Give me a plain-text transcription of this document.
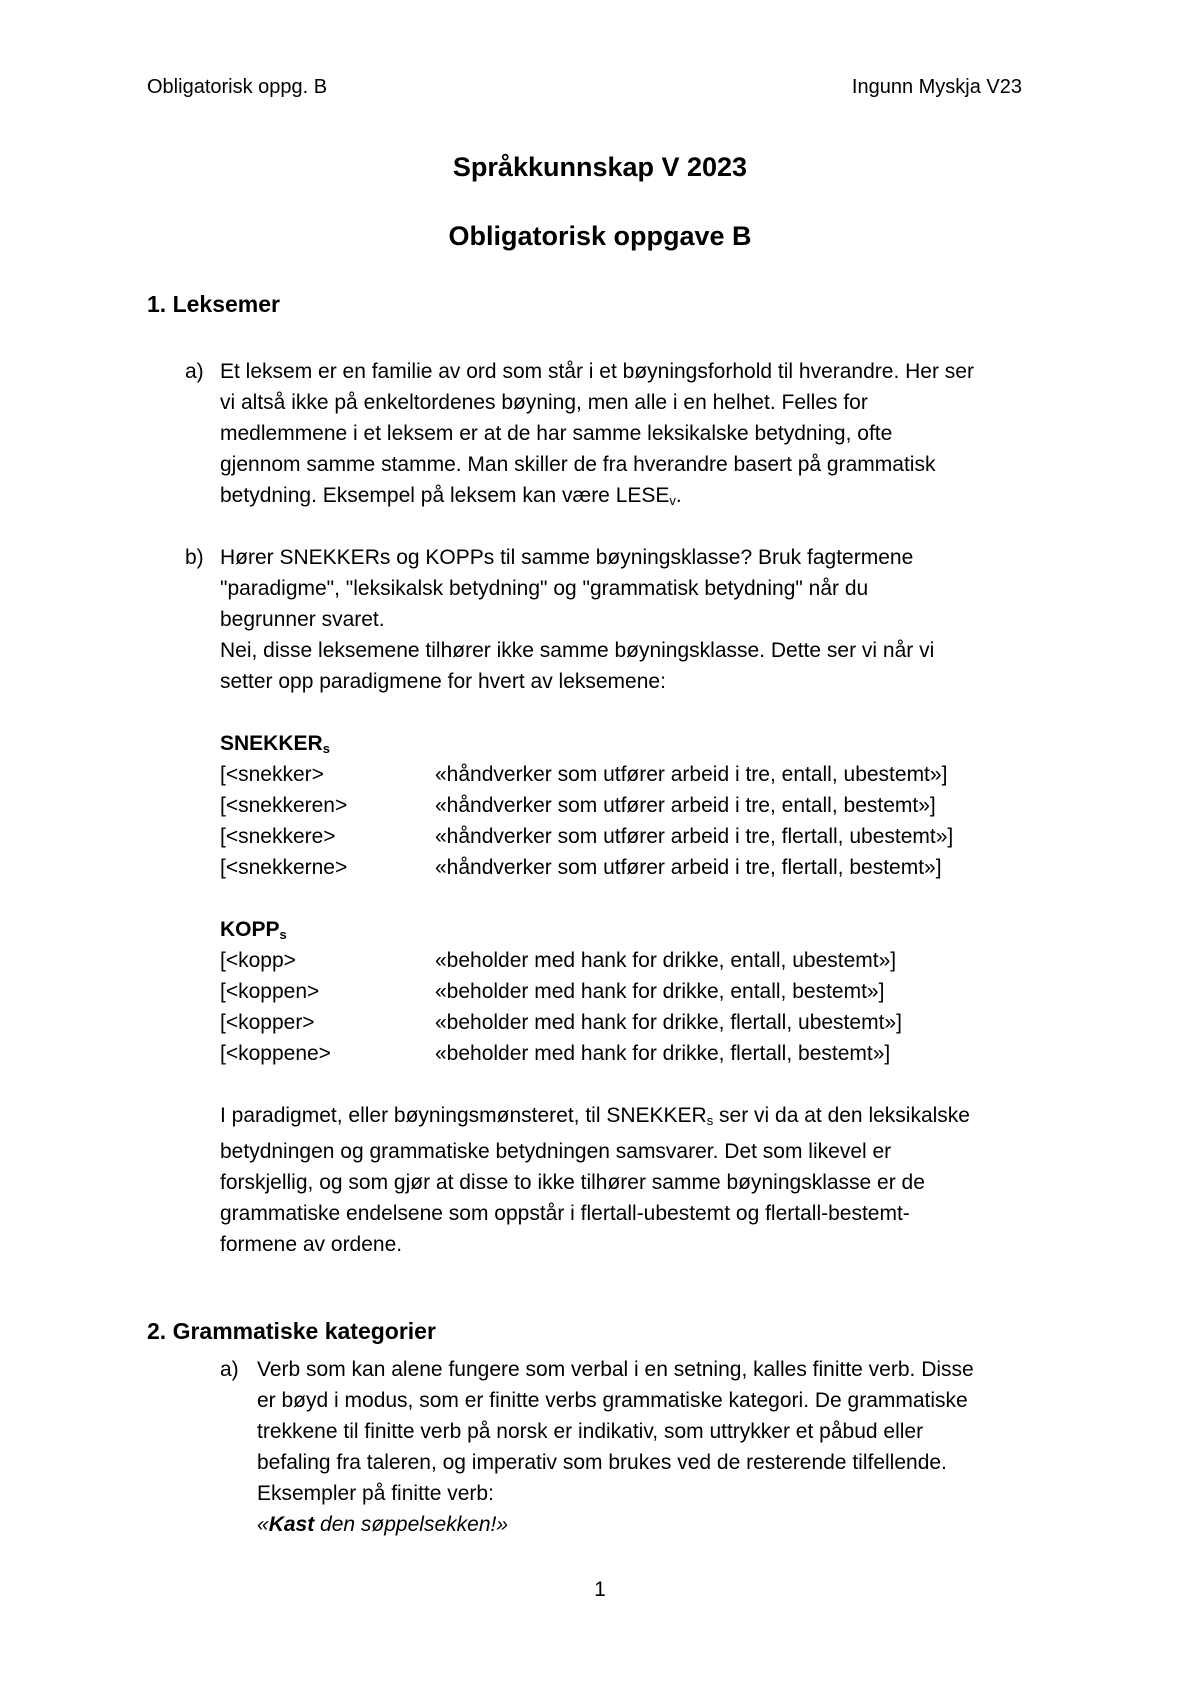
Obligatorisk oppg. B	Ingunn Myskja V23
Språkkunnskap V 2023
Obligatorisk oppgave B
1. Leksemer
a) Et leksem er en familie av ord som står i et bøyningsforhold til hverandre. Her ser
vi altså ikke på enkeltordenes bøyning, men alle i en helhet. Felles for
medlemmene i et leksem er at de har samme leksikalske betydning, ofte
gjennom samme stamme. Man skiller de fra hverandre basert på grammatisk
betydning. Eksempel på leksem kan være $LESE_v$.
b) Hører SNEKKERs og KOPPs til samme bøyningsklasse? Bruk fagtermene
"paradigme", "leksikalsk betydning" og "grammatisk betydning" når du
begrunner svaret.
Nei, disse leksemene tilhører ikke samme bøyningsklasse. Dette ser vi når vi
setter opp paradigmene for hvert av leksemene:
$SNEKKER_s$
[<snekker>	«håndverker som utfører arbeid i tre, entall, ubestemt»]
[<snekkeren>	«håndverker som utfører arbeid i tre, entall, bestemt»]
[<snekkere>	«håndverker som utfører arbeid i tre, flertall, ubestemt»]
[<snekkerne>	«håndverker som utfører arbeid i tre, flertall, bestemt»]
$KOPP_s$
[<kopp>	«beholder med hank for drikke, entall, ubestemt»]
[<koppen>	«beholder med hank for drikke, entall, bestemt»]
[<kopper>	«beholder med hank for drikke, flertall, ubestemt»]
[<koppene>	«beholder med hank for drikke, flertall, bestemt»]
I paradigmet, eller bøyningsmønsteret, til $SNEKKER_s$ ser vi da at den leksikalske
betydningen og grammatiske betydningen samsvarer. Det som likevel er
forskjellig, og som gjør at disse to ikke tilhører samme bøyningsklasse er de
grammatiske endelsene som oppstår i flertall-ubestemt og flertall-bestemt-
formene av ordene.
2. Grammatiske kategorier
a) Verb som kan alene fungere som verbal i en setning, kalles finitte verb. Disse
er bøyd i modus, som er finitte verbs grammatiske kategori. De grammatiske
trekkene til finitte verb på norsk er indikativ, som uttrykker et påbud eller
befaling fra taleren, og imperativ som brukes ved de resterende tilfellende.
Eksempler på finitte verb:
«Kast den søppelsekken!»
1
